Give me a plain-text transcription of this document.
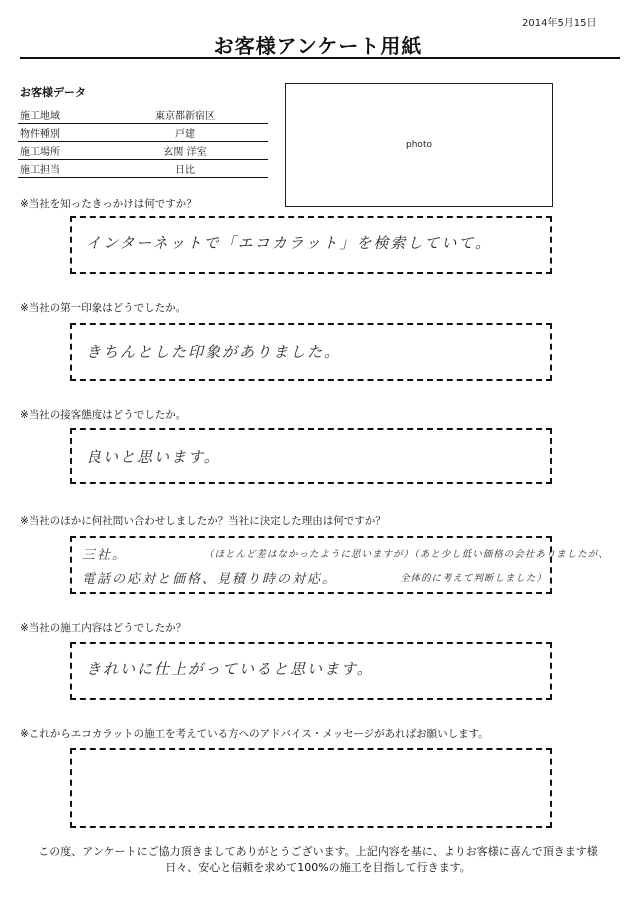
2014年5月15日
お客様アンケート用紙
お客様データ
施工地域	東京都新宿区
物件種別	戸建
施工場所	玄関 洋室
施工担当	日比
photo
※当社を知ったきっかけは何ですか？
インターネットで「エコカラット」を検索していて。
※当社の第一印象はどうでしたか。
きちんとした印象がありました。
※当社の接客態度はどうでしたか。
良いと思います。
※当社のほかに何社問い合わせしましたか？当社に決定した理由は何ですか？
三社。	（ほとんど差はなかったように思いますが）（あと少し低い価格の会社ありましたが、
電話の応対と価格、見積り時の対応。	全体的に考えて判断しました）
※当社の施工内容はどうでしたか？
きれいに仕上がっていると思います。
※これからエコカラットの施工を考えている方へのアドバイス・メッセージがあればお願いします。
この度、アンケートにご協力頂きましてありがとうございます。上記内容を基に、よりお客様に喜んで頂きます様
日々、安心と信頼を求めて100%の施工を目指して行きます。
